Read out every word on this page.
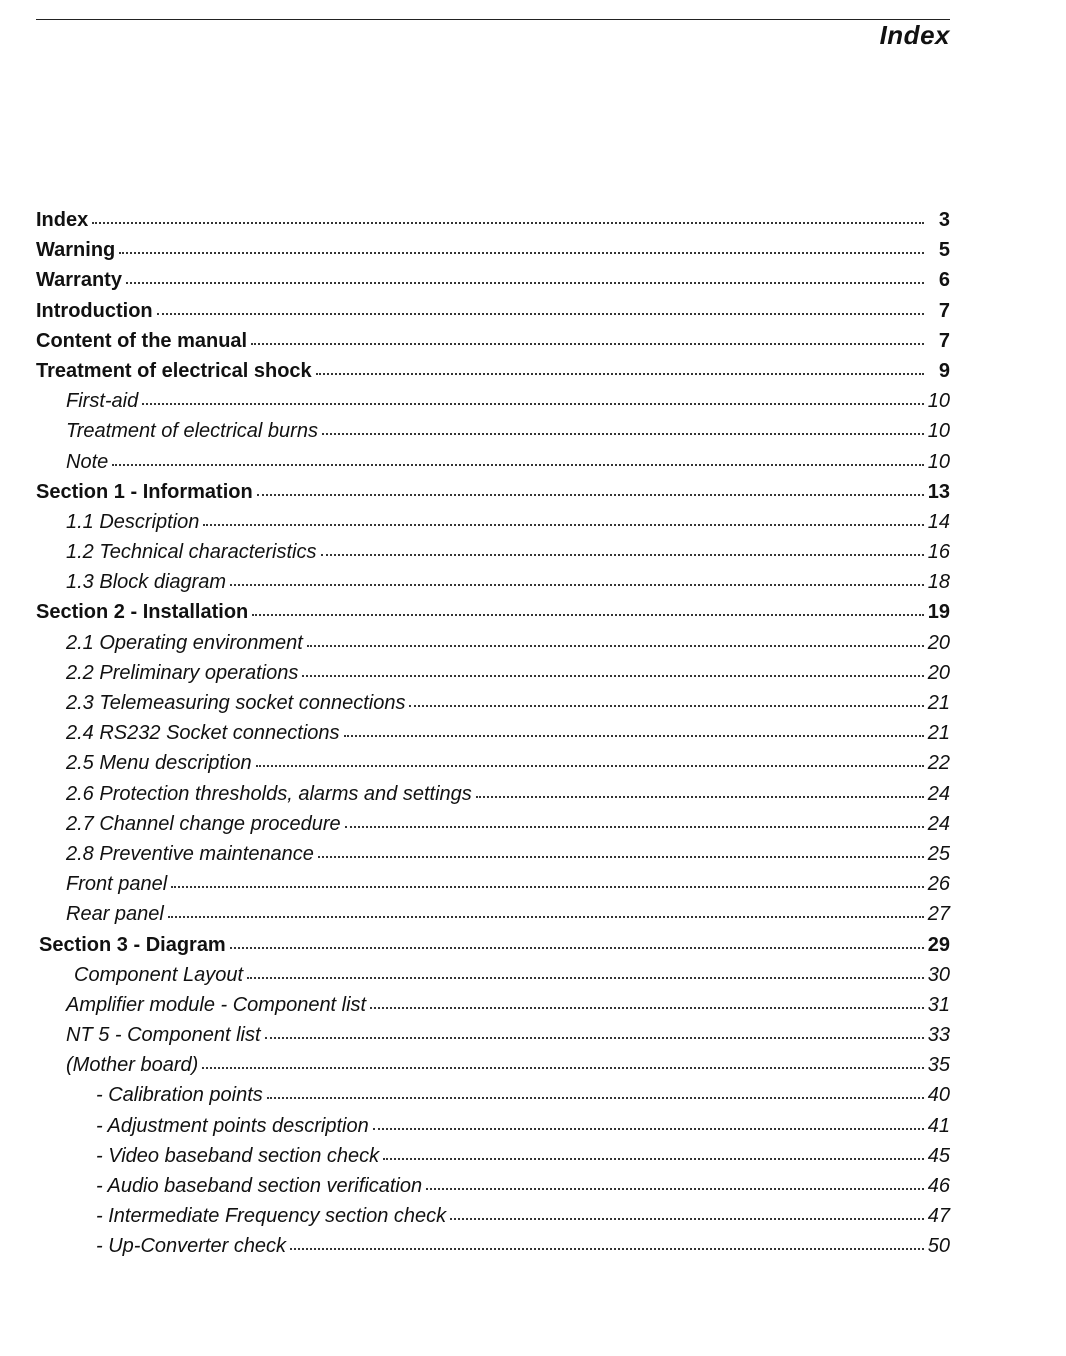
Index
Index	3
Warning	5
Warranty	6
Introduction	7
Content of the manual	7
Treatment of electrical shock	9
First-aid	10
Treatment of electrical burns	10
Note	10
Section 1 - Information	13
1.1 Description	14
1.2 Technical characteristics	16
1.3 Block diagram	18
Section 2 - Installation	19
2.1 Operating environment	20
2.2 Preliminary operations	20
2.3 Telemeasuring socket connections	21
2.4 RS232 Socket connections	21
2.5 Menu description	22
2.6 Protection thresholds, alarms and settings	24
2.7 Channel change procedure	24
2.8 Preventive maintenance	25
Front panel	26
Rear panel	27
Section 3 - Diagram	29
Component Layout	30
Amplifier module - Component list	31
NT 5 - Component list	33
(Mother board)	35
- Calibration points	40
- Adjustment points description	41
- Video baseband section check	45
- Audio baseband section verification	46
- Intermediate Frequency section check	47
- Up-Converter check	50
